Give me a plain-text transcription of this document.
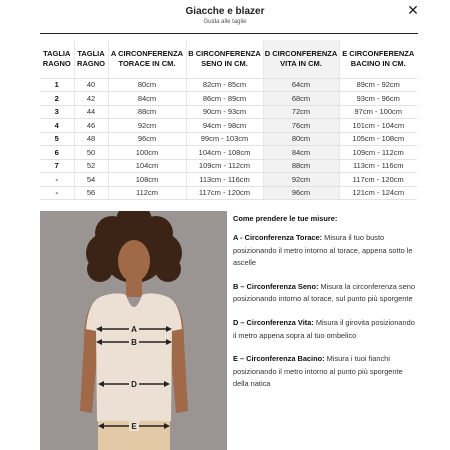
Giacche e blazer
Guida alle taglie
✕
TAGLIA RAGNO	TAGLIA RAGNO	A CIRCONFERENZA TORACE IN CM.	B CIRCONFERENZA SENO IN CM.	D CIRCONFERENZA VITA IN CM.	E CIRCONFERENZA BACINO IN CM.
1	40	80cm	82cm - 85cm	64cm	89cm - 92cm
2	42	84cm	86cm - 89cm	68cm	93cm - 96cm
3	44	88cm	90cm - 93cm	72cm	97cm - 100cm
4	46	92cm	94cm - 98cm	76cm	101cm - 104cm
5	48	96cm	99cm - 103cm	80cm	105cm - 108cm
6	50	100cm	104cm - 108cm	84cm	109cm - 112cm
7	52	104cm	109cm - 112cm	88cm	113cm - 116cm
-	54	108cm	113cm - 116cm	92cm	117cm - 120cm
-	56	112cm	117cm - 120cm	96cm	121cm - 124cm
A
B
D
E
Come prendere le tue misure:
A - Circonferenza Torace: Misura il tuo busto posizionando il metro intorno al torace, appena sotto le ascelle
B – Circonferenza Seno: Misura la circonferenza seno posizionando intorno al torace, sul punto più sporgente
D – Circonferenza Vita: Misura il girovita posizionando il metro appena sopra al tuo ombelico
E – Circonferenza Bacino: Misura i tuoi fianchi posizionando il metro intorno al punto più sporgente della natica
